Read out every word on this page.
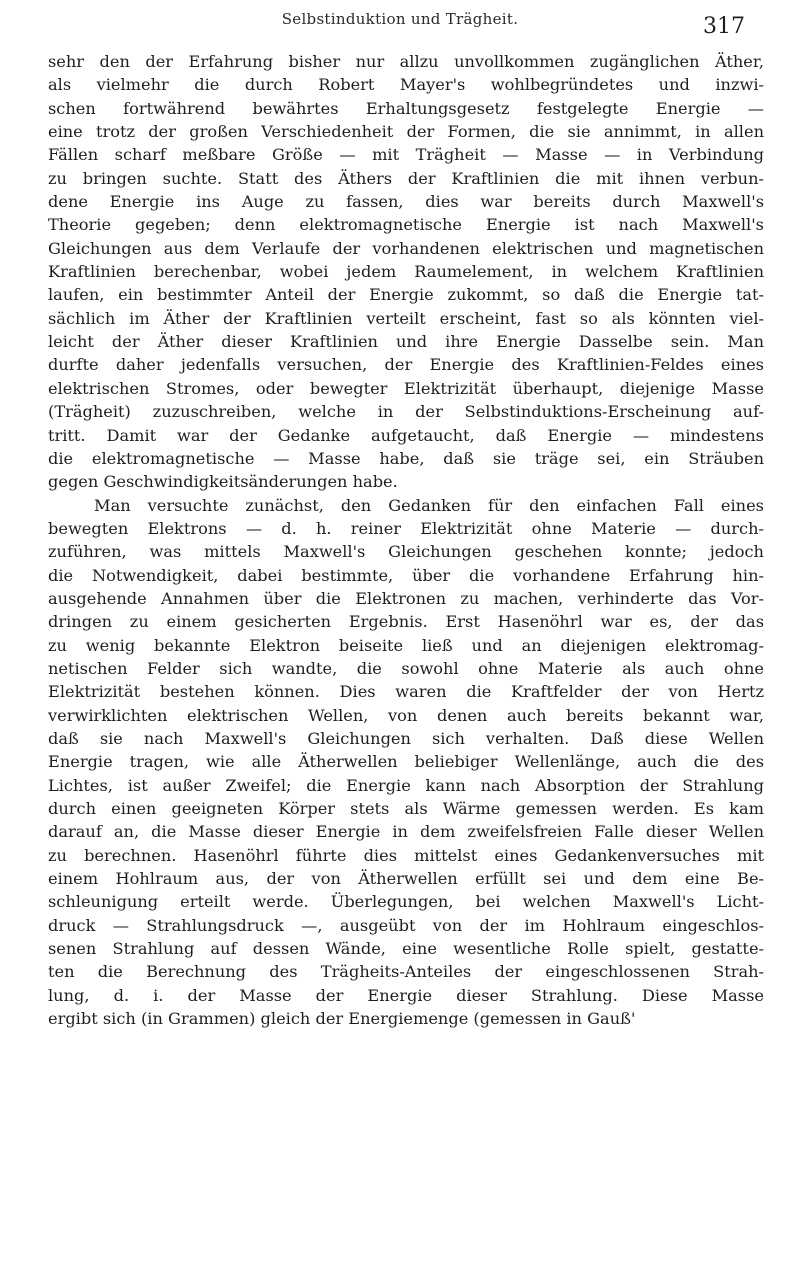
Selbstinduktion und Trägheit.	317
sehr den der Erfahrung bisher nur allzu unvollkommen zugänglichen Äther,
als vielmehr die durch Robert Mayer's wohlbegründetes und inzwi-
schen fortwährend bewährtes Erhaltungsgesetz festgelegte Energie —
eine trotz der großen Verschiedenheit der Formen, die sie annimmt, in allen
Fällen scharf meßbare Größe — mit Trägheit — Masse — in Verbindung
zu bringen suchte. Statt des Äthers der Kraftlinien die mit ihnen verbun-
dene Energie ins Auge zu fassen, dies war bereits durch Maxwell's
Theorie gegeben; denn elektromagnetische Energie ist nach Maxwell's
Gleichungen aus dem Verlaufe der vorhandenen elektrischen und magnetischen
Kraftlinien berechenbar, wobei jedem Raumelement, in welchem Kraftlinien
laufen, ein bestimmter Anteil der Energie zukommt, so daß die Energie tat-
sächlich im Äther der Kraftlinien verteilt erscheint, fast so als könnten viel-
leicht der Äther dieser Kraftlinien und ihre Energie Dasselbe sein. Man
durfte daher jedenfalls versuchen, der Energie des Kraftlinien-Feldes eines
elektrischen Stromes, oder bewegter Elektrizität überhaupt, diejenige Masse
(Trägheit) zuzuschreiben, welche in der Selbstinduktions-Erscheinung auf-
tritt. Damit war der Gedanke aufgetaucht, daß Energie — mindestens
die elektromagnetische — Masse habe, daß sie träge sei, ein Sträuben
gegen Geschwindigkeitsänderungen habe.
Man versuchte zunächst, den Gedanken für den einfachen Fall eines
bewegten Elektrons — d. h. reiner Elektrizität ohne Materie — durch-
zuführen, was mittels Maxwell's Gleichungen geschehen konnte; jedoch
die Notwendigkeit, dabei bestimmte, über die vorhandene Erfahrung hin-
ausgehende Annahmen über die Elektronen zu machen, verhinderte das Vor-
dringen zu einem gesicherten Ergebnis. Erst Hasenöhrl war es, der das
zu wenig bekannte Elektron beiseite ließ und an diejenigen elektromag-
netischen Felder sich wandte, die sowohl ohne Materie als auch ohne
Elektrizität bestehen können. Dies waren die Kraftfelder der von Hertz
verwirklichten elektrischen Wellen, von denen auch bereits bekannt war,
daß sie nach Maxwell's Gleichungen sich verhalten. Daß diese Wellen
Energie tragen, wie alle Ätherwellen beliebiger Wellenlänge, auch die des
Lichtes, ist außer Zweifel; die Energie kann nach Absorption der Strahlung
durch einen geeigneten Körper stets als Wärme gemessen werden. Es kam
darauf an, die Masse dieser Energie in dem zweifelsfreien Falle dieser Wellen
zu berechnen. Hasenöhrl führte dies mittelst eines Gedankenversuches mit
einem Hohlraum aus, der von Ätherwellen erfüllt sei und dem eine Be-
schleunigung erteilt werde. Überlegungen, bei welchen Maxwell's Licht-
druck — Strahlungsdruck —, ausgeübt von der im Hohlraum eingeschlos-
senen Strahlung auf dessen Wände, eine wesentliche Rolle spielt, gestatte-
ten die Berechnung des Trägheits-Anteiles der eingeschlossenen Strah-
lung, d. i. der Masse der Energie dieser Strahlung. Diese Masse
ergibt sich (in Grammen) gleich der Energiemenge (gemessen in Gauß'
